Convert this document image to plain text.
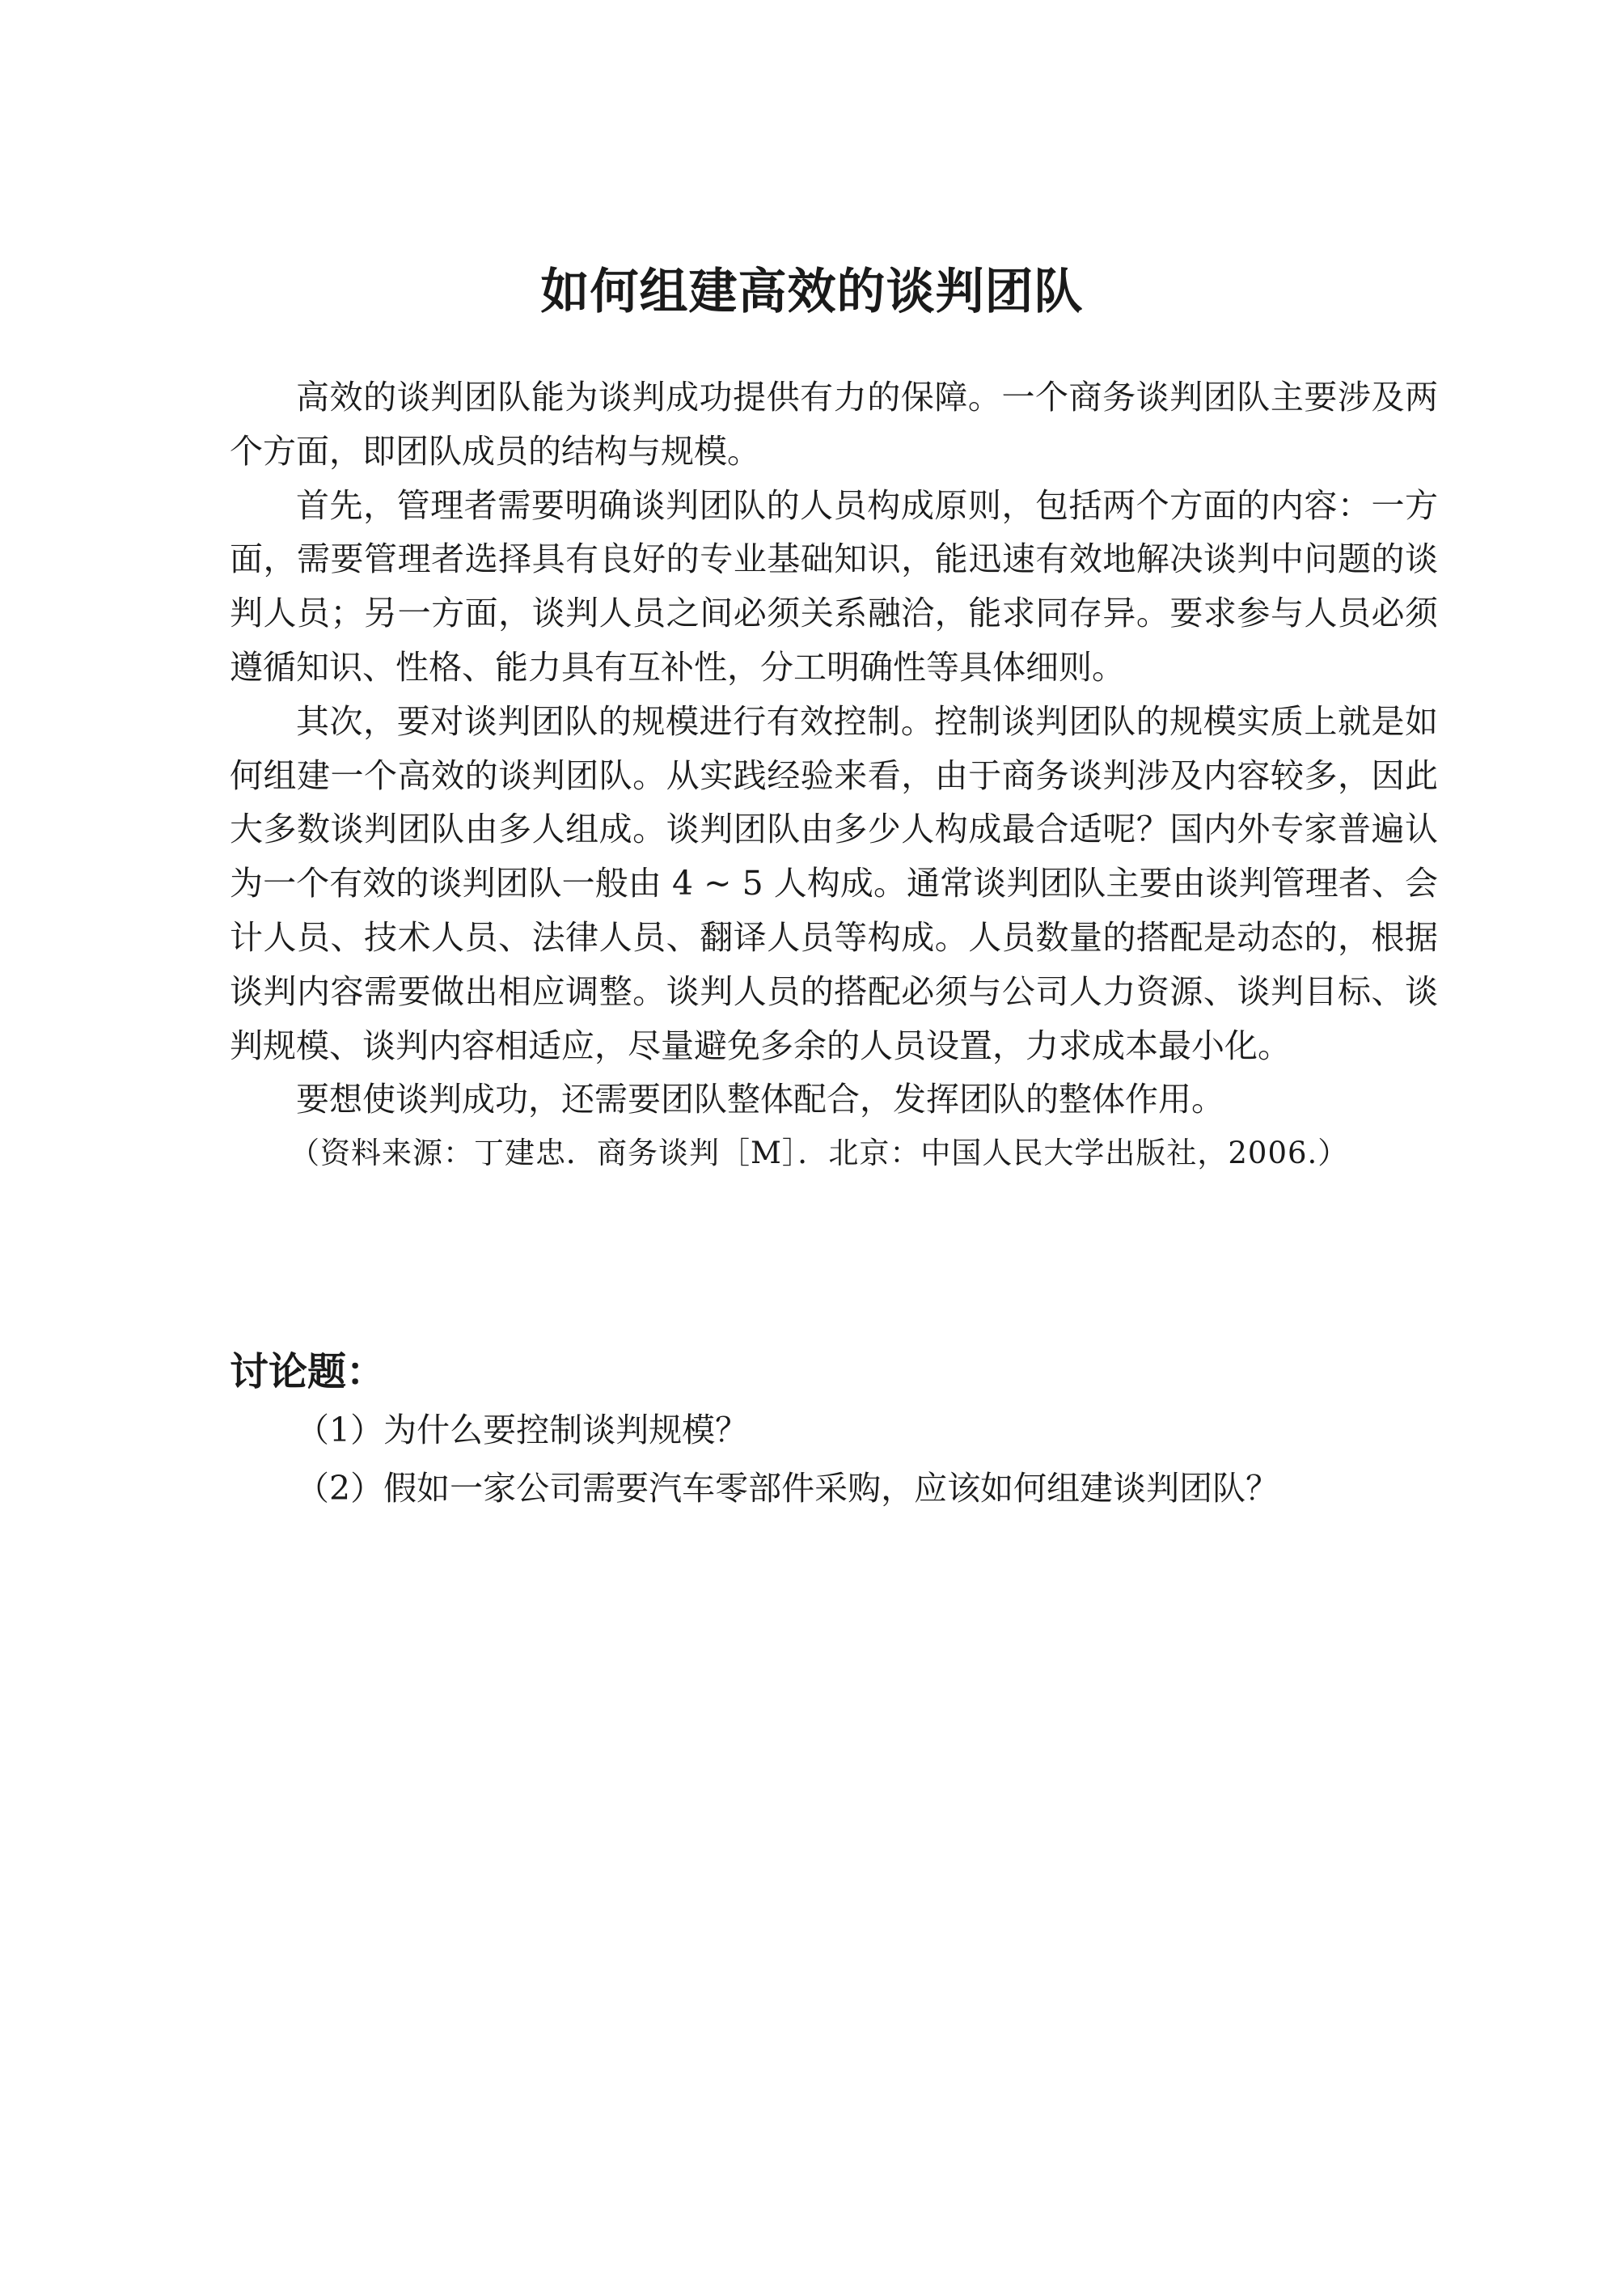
如何组建高效的谈判团队

高效的谈判团队能为谈判成功提供有力的保障。一个商务谈判团队主要涉及两个方面，即团队成员的结构与规模。

首先，管理者需要明确谈判团队的人员构成原则，包括两个方面的内容：一方面，需要管理者选择具有良好的专业基础知识，能迅速有效地解决谈判中问题的谈判人员；另一方面，谈判人员之间必须关系融洽，能求同存异。要求参与人员必须遵循知识、性格、能力具有互补性，分工明确性等具体细则。

其次，要对谈判团队的规模进行有效控制。控制谈判团队的规模实质上就是如何组建一个高效的谈判团队。从实践经验来看，由于商务谈判涉及内容较多，因此大多数谈判团队由多人组成。谈判团队由多少人构成最合适呢？国内外专家普遍认为一个有效的谈判团队一般由 4 ~ 5 人构成。通常谈判团队主要由谈判管理者、会计人员、技术人员、法律人员、翻译人员等构成。人员数量的搭配是动态的，根据谈判内容需要做出相应调整。谈判人员的搭配必须与公司人力资源、谈判目标、谈判规模、谈判内容相适应，尽量避免多余的人员设置，力求成本最小化。

要想使谈判成功，还需要团队整体配合，发挥团队的整体作用。

（资料来源：丁建忠．商务谈判［M］．北京：中国人民大学出版社，2006.）

讨论题：
（1）为什么要控制谈判规模？
（2）假如一家公司需要汽车零部件采购，应该如何组建谈判团队？
